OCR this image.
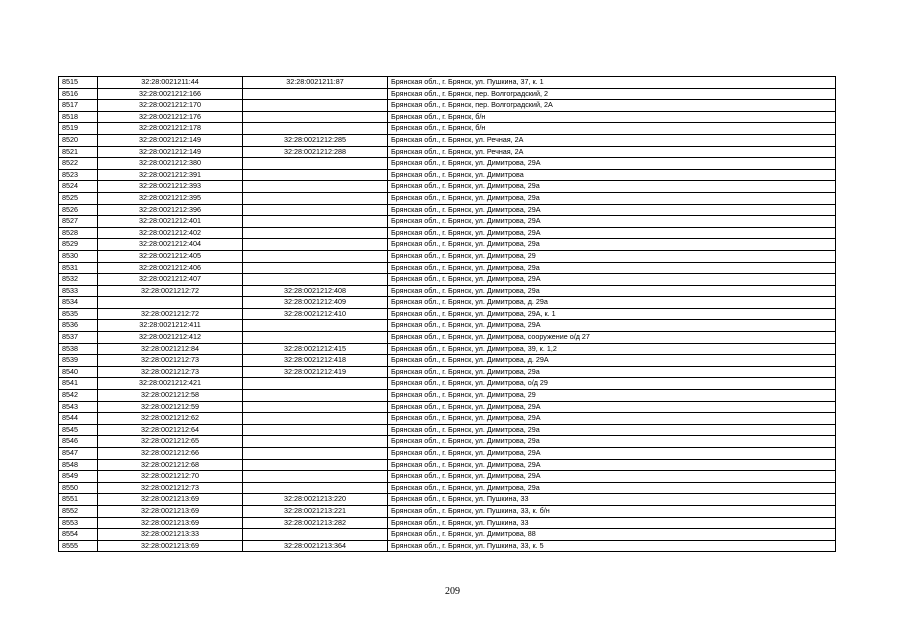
8515	32:28:0021211:44	32:28:0021211:87	Брянская обл., г. Брянск, ул. Пушкина, 37, к. 1
8516	32:28:0021212:166		Брянская обл., г. Брянск, пер. Волгоградский, 2
8517	32:28:0021212:170		Брянская обл., г. Брянск, пер. Волгоградский, 2А
8518	32:28:0021212:176		Брянская обл., г. Брянск, б/н
8519	32:28:0021212:178		Брянская обл., г. Брянск, б/н
8520	32:28:0021212:149	32:28:0021212:285	Брянская обл., г. Брянск, ул. Речная, 2А
8521	32:28:0021212:149	32:28:0021212:288	Брянская обл., г. Брянск, ул. Речная, 2А
8522	32:28:0021212:380		Брянская обл., г. Брянск, ул. Димитрова, 29А
8523	32:28:0021212:391		Брянская обл., г. Брянск, ул. Димитрова
8524	32:28:0021212:393		Брянская обл., г. Брянск, ул. Димитрова, 29а
8525	32:28:0021212:395		Брянская обл., г. Брянск, ул. Димитрова, 29а
8526	32:28:0021212:396		Брянская обл., г. Брянск, ул. Димитрова, 29А
8527	32:28:0021212:401		Брянская обл., г. Брянск, ул. Димитрова, 29А
8528	32:28:0021212:402		Брянская обл., г. Брянск, ул. Димитрова, 29А
8529	32:28:0021212:404		Брянская обл., г. Брянск, ул. Димитрова, 29а
8530	32:28:0021212:405		Брянская обл., г. Брянск, ул. Димитрова, 29
8531	32:28:0021212:406		Брянская обл., г. Брянск, ул. Димитрова, 29а
8532	32:28:0021212:407		Брянская обл., г. Брянск, ул. Димитрова, 29А
8533	32:28:0021212:72	32:28:0021212:408	Брянская обл., г. Брянск, ул. Димитрова, 29а
8534		32:28:0021212:409	Брянская обл., г. Брянск, ул. Димитрова, д. 29а
8535	32:28:0021212:72	32:28:0021212:410	Брянская обл., г. Брянск, ул. Димитрова, 29А, к. 1
8536	32:28:0021212:411		Брянская обл., г. Брянск, ул. Димитрова, 29А
8537	32:28:0021212:412		Брянская обл., г. Брянск, ул. Димитрова, сооружение о/д 27
8538	32:28:0021212:84	32:28:0021212:415	Брянская обл., г. Брянск, ул. Димитрова, 39, к. 1,2
8539	32:28:0021212:73	32:28:0021212:418	Брянская обл., г. Брянск, ул. Димитрова, д. 29А
8540	32:28:0021212:73	32:28:0021212:419	Брянская обл., г. Брянск, ул. Димитрова, 29а
8541	32:28:0021212:421		Брянская обл., г. Брянск, ул. Димитрова, о/д 29
8542	32:28:0021212:58		Брянская обл., г. Брянск, ул. Димитрова, 29
8543	32:28:0021212:59		Брянская обл., г. Брянск, ул. Димитрова, 29А
8544	32:28:0021212:62		Брянская обл., г. Брянск, ул. Димитрова, 29А
8545	32:28:0021212:64		Брянская обл., г. Брянск, ул. Димитрова, 29а
8546	32:28:0021212:65		Брянская обл., г. Брянск, ул. Димитрова, 29а
8547	32:28:0021212:66		Брянская обл., г. Брянск, ул. Димитрова, 29А
8548	32:28:0021212:68		Брянская обл., г. Брянск, ул. Димитрова, 29А
8549	32:28:0021212:70		Брянская обл., г. Брянск, ул. Димитрова, 29А
8550	32:28:0021212:73		Брянская обл., г. Брянск, ул. Димитрова, 29а
8551	32:28:0021213:69	32:28:0021213:220	Брянская обл., г. Брянск, ул. Пушкина, 33
8552	32:28:0021213:69	32:28:0021213:221	Брянская обл., г. Брянск, ул. Пушкина, 33, к. б/н
8553	32:28:0021213:69	32:28:0021213:282	Брянская обл., г. Брянск, ул. Пушкина, 33
8554	32:28:0021213:33		Брянская обл., г. Брянск, ул. Димитрова, 88
8555	32:28:0021213:69	32:28:0021213:364	Брянская обл., г. Брянск, ул. Пушкина, 33, к. 5
209
